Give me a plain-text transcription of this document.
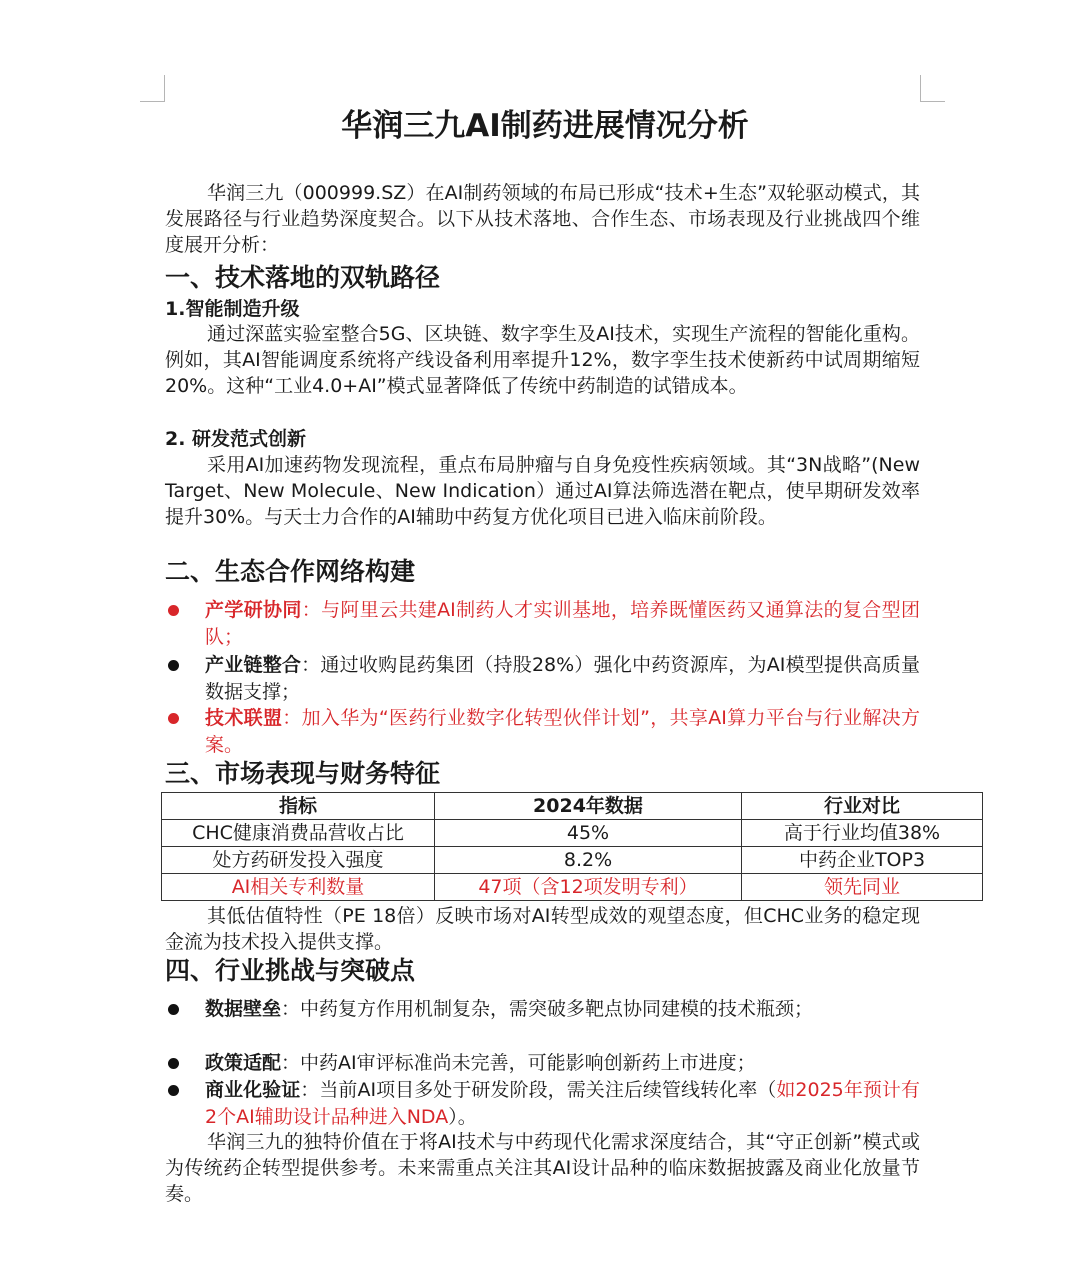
华润三九AI制药进展情况分析
华润三九（000999.SZ）在AI制药领域的布局已形成“技术+生态”双轮驱动模式，其发展路径与行业趋势深度契合。以下从技术落地、合作生态、市场表现及行业挑战四个维度展开分析：
一、技术落地的双轨路径
1.智能制造升级
通过深蓝实验室整合5G、区块链、数字孪生及AI技术，实现生产流程的智能化重构。例如，其AI智能调度系统将产线设备利用率提升12%，数字孪生技术使新药中试周期缩短20%。这种“工业4.0+AI”模式显著降低了传统中药制造的试错成本。
2. 研发范式创新
采用AI加速药物发现流程，重点布局肿瘤与自身免疫性疾病领域。其“3N战略”(New Target、New Molecule、New Indication）通过AI算法筛选潜在靶点，使早期研发效率提升30%。与天士力合作的AI辅助中药复方优化项目已进入临床前阶段。
二、生态合作网络构建
产学研协同：与阿里云共建AI制药人才实训基地，培养既懂医药又通算法的复合型团队；
产业链整合：通过收购昆药集团（持股28%）强化中药资源库，为AI模型提供高质量数据支撑；
技术联盟：加入华为“医药行业数字化转型伙伴计划”，共享AI算力平台与行业解决方案。
三、市场表现与财务特征
指标	2024年数据	行业对比
CHC健康消费品营收占比	45%	高于行业均值38%
处方药研发投入强度	8.2%	中药企业TOP3
AI相关专利数量	47项（含12项发明专利）	领先同业
其低估值特性（PE 18倍）反映市场对AI转型成效的观望态度，但CHC业务的稳定现金流为技术投入提供支撑。
四、行业挑战与突破点
数据壁垒：中药复方作用机制复杂，需突破多靶点协同建模的技术瓶颈；
政策适配：中药AI审评标准尚未完善，可能影响创新药上市进度；
商业化验证：当前AI项目多处于研发阶段，需关注后续管线转化率（如2025年预计有2个AI辅助设计品种进入NDA）。
华润三九的独特价值在于将AI技术与中药现代化需求深度结合，其“守正创新”模式或为传统药企转型提供参考。未来需重点关注其AI设计品种的临床数据披露及商业化放量节奏。
